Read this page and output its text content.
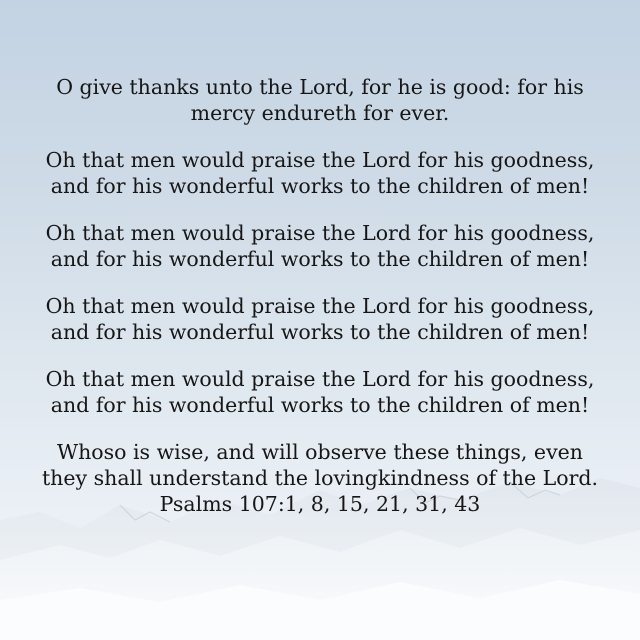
O give thanks unto the Lord, for he is good: for his
mercy endureth for ever.

Oh that men would praise the Lord for his goodness,
and for his wonderful works to the children of men!

Oh that men would praise the Lord for his goodness,
and for his wonderful works to the children of men!

Oh that men would praise the Lord for his goodness,
and for his wonderful works to the children of men!

Oh that men would praise the Lord for his goodness,
and for his wonderful works to the children of men!

Whoso is wise, and will observe these things, even
they shall understand the lovingkindness of the Lord.

Psalms 107:1, 8, 15, 21, 31, 43
